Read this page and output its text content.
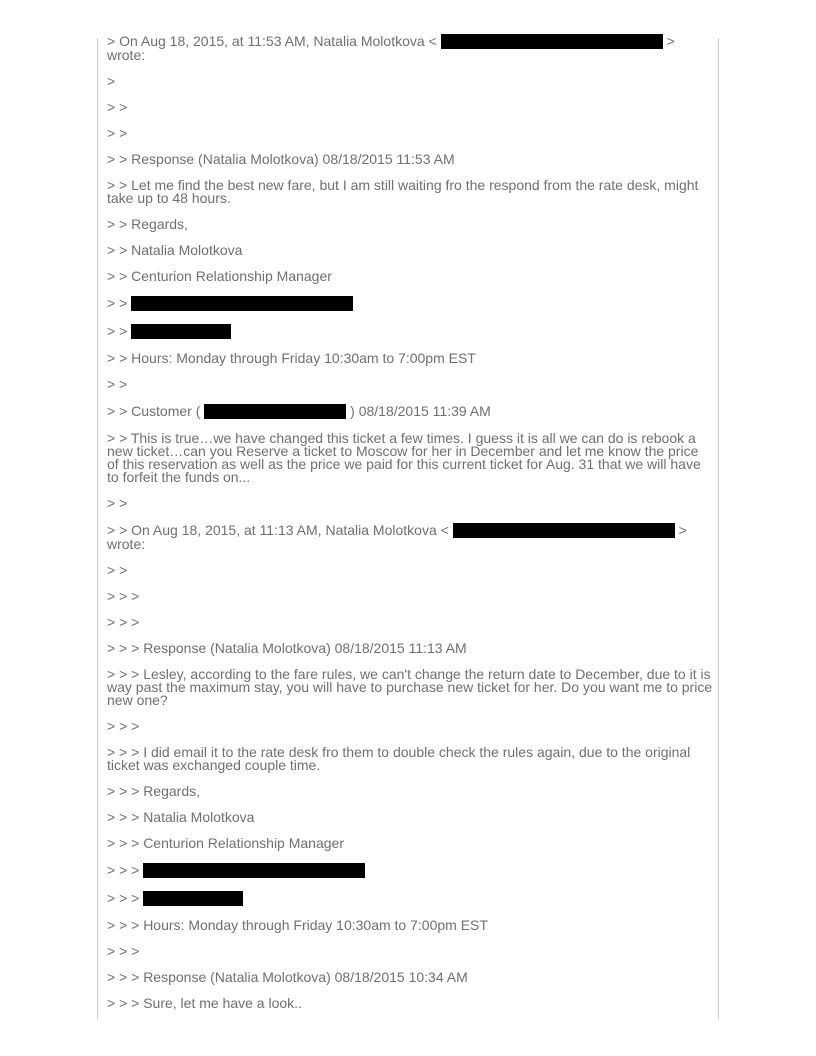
> On Aug 18, 2015, at 11:53 AM, Natalia Molotkova <	>
wrote:
>
> >
> >
> > Response (Natalia Molotkova) 08/18/2015 11:53 AM
> > Let me find the best new fare, but I am still waiting fro the respond from the rate desk, might take up to 48 hours.
> > Regards,
> > Natalia Molotkova
> > Centurion Relationship Manager
> >
> >
> > Hours: Monday through Friday 10:30am to 7:00pm EST
> >
> > Customer (	) 08/18/2015 11:39 AM
> > This is true…we have changed this ticket a few times. I guess it is all we can do is rebook a new ticket…can you Reserve a ticket to Moscow for her in December and let me know the price of this reservation as well as the price we paid for this current ticket for Aug. 31 that we will have to forfeit the funds on...
> >
> > On Aug 18, 2015, at 11:13 AM, Natalia Molotkova <	>
wrote:
> >
> > >
> > >
> > > Response (Natalia Molotkova) 08/18/2015 11:13 AM
> > > Lesley, according to the fare rules, we can't change the return date to December, due to it is way past the maximum stay, you will have to purchase new ticket for her. Do you want me to price new one?
> > >
> > > I did email it to the rate desk fro them to double check the rules again, due to the original ticket was exchanged couple time.
> > > Regards,
> > > Natalia Molotkova
> > > Centurion Relationship Manager
> > >
> > >
> > > Hours: Monday through Friday 10:30am to 7:00pm EST
> > >
> > > Response (Natalia Molotkova) 08/18/2015 10:34 AM
> > > Sure, let me have a look..
